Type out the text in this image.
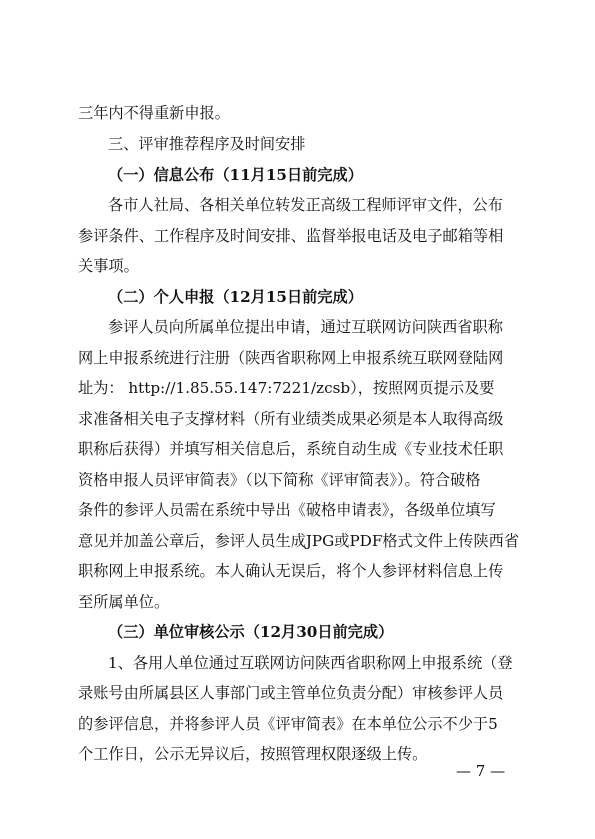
三年内不得重新申报。
三、评审推荐程序及时间安排
（一）信息公布（11月15日前完成）
各市人社局、各相关单位转发正高级工程师评审文件，公布
参评条件、工作程序及时间安排、监督举报电话及电子邮箱等相
关事项。
（二）个人申报（12月15日前完成）
参评人员向所属单位提出申请，通过互联网访问陕西省职称
网上申报系统进行注册（陕西省职称网上申报系统互联网登陆网
址为： http://1.85.55.147:7221/zcsb），按照网页提示及要
求准备相关电子支撑材料（所有业绩类成果必须是本人取得高级
职称后获得）并填写相关信息后，系统自动生成《专业技术任职
资格申报人员评审简表》（以下简称《评审简表》）。符合破格
条件的参评人员需在系统中导出《破格申请表》，各级单位填写
意见并加盖公章后，参评人员生成JPG或PDF格式文件上传陕西省
职称网上申报系统。本人确认无误后，将个人参评材料信息上传
至所属单位。
（三）单位审核公示（12月30日前完成）
1、各用人单位通过互联网访问陕西省职称网上申报系统（登
录账号由所属县区人事部门或主管单位负责分配）审核参评人员
的参评信息，并将参评人员《评审简表》在本单位公示不少于5
个工作日，公示无异议后，按照管理权限逐级上传。
— 7 —
